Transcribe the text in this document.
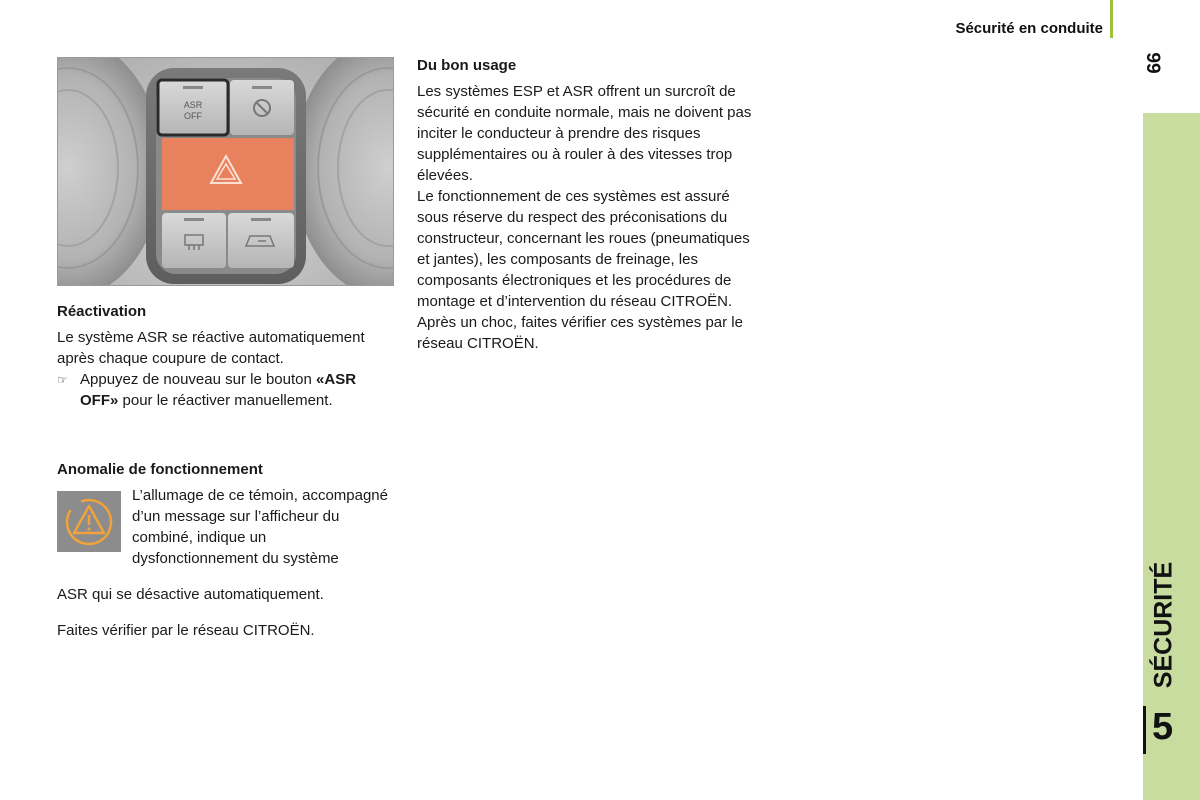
Sécurité en conduite
99
SÉCURITÉ
5
ASR
OFF

Réactivation

Le système ASR se réactive automatiquement après chaque coupure de contact.

☞ Appuyez de nouveau sur le bouton «ASR OFF» pour le réactiver manuellement.

Anomalie de fonctionnement

L’allumage de ce témoin, accompagné d’un message sur l’afficheur du combiné, indique un dysfonctionnement du système

ASR qui se désactive automatiquement.

Faites vérifier par le réseau CITROËN.

Du bon usage

Les systèmes ESP et ASR offrent un surcroît de sécurité en conduite normale, mais ne doivent pas inciter le conducteur à prendre des risques supplémentaires ou à rouler à des vitesses trop élevées.

Le fonctionnement de ces systèmes est assuré sous réserve du respect des préconisations du constructeur, concernant les roues (pneumatiques et jantes), les composants de freinage, les composants électroniques et les procédures de montage et d’intervention du réseau CITROËN.

Après un choc, faites vérifier ces systèmes par le réseau CITROËN.
